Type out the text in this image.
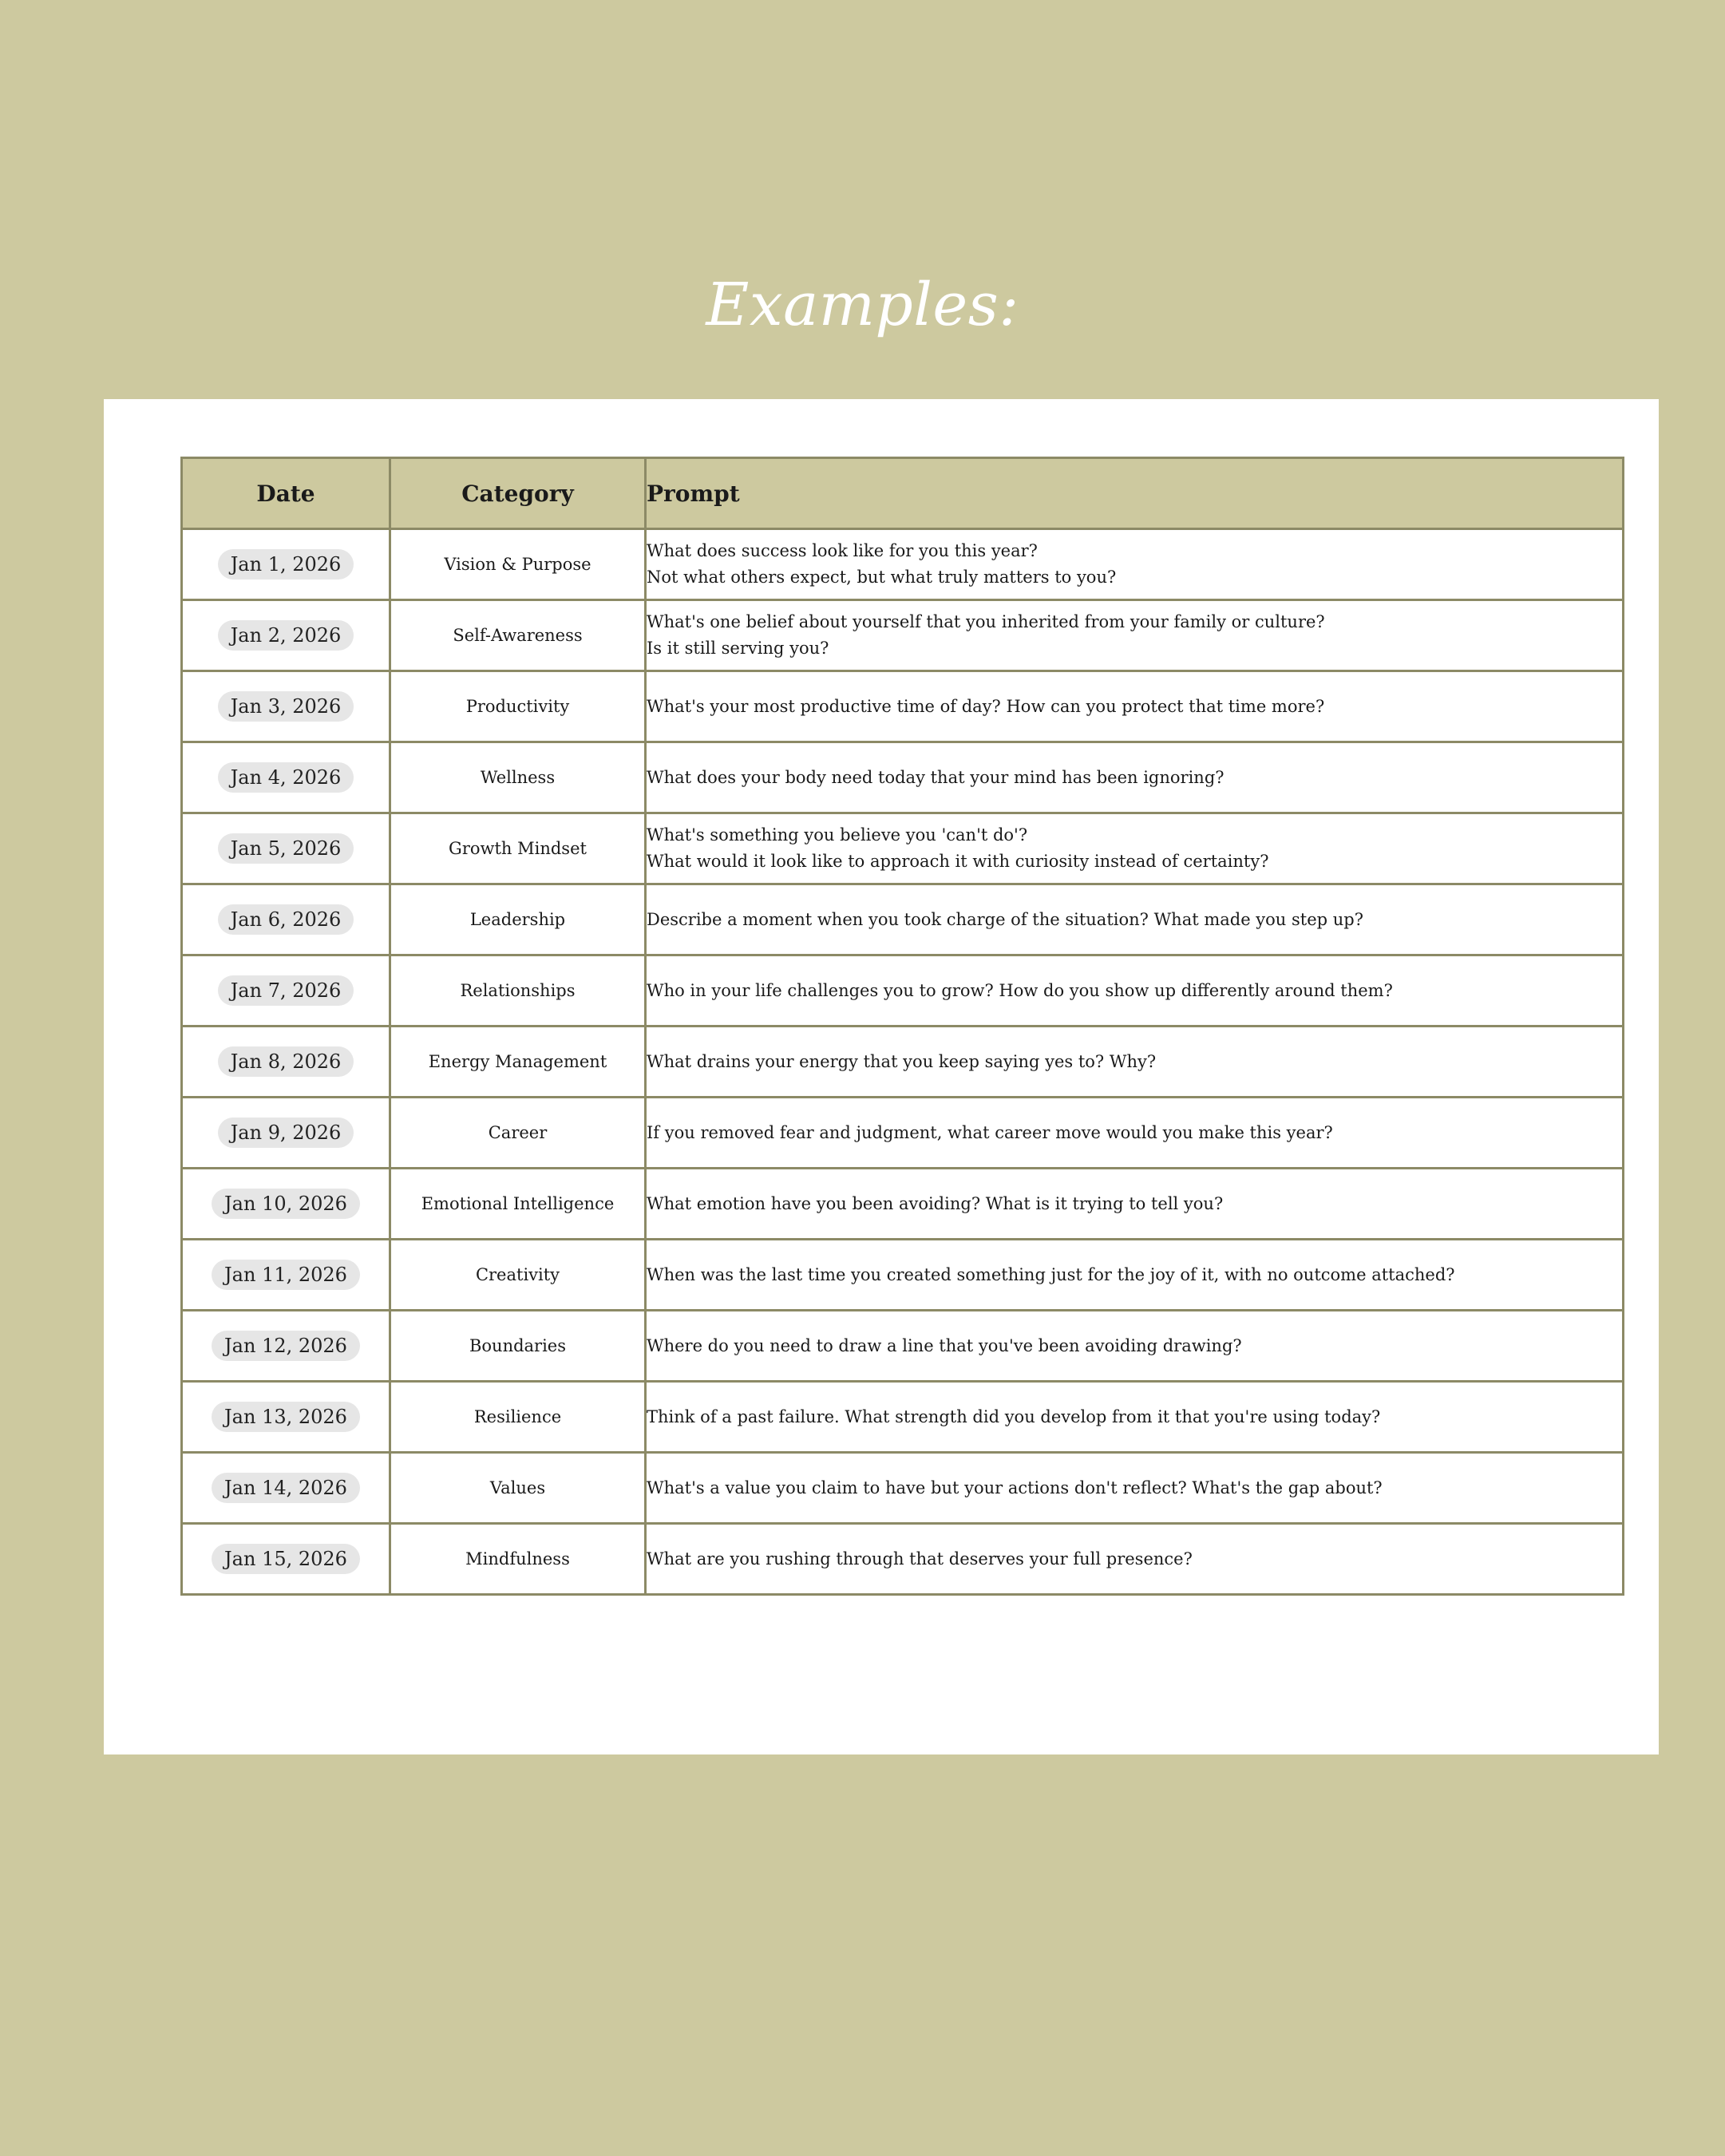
Examples:
Date	Category	Prompt
Jan 1, 2026	Vision & Purpose	What does success look like for you this year?
Not what others expect, but what truly matters to you?

Jan 2, 2026	Self-Awareness	What's one belief about yourself that you inherited from your family or culture?
Is it still serving you?

Jan 3, 2026	Productivity	What's your most productive time of day? How can you protect that time more?

Jan 4, 2026	Wellness	What does your body need today that your mind has been ignoring?

Jan 5, 2026	Growth Mindset	What's something you believe you 'can't do'?
What would it look like to approach it with curiosity instead of certainty?

Jan 6, 2026	Leadership	Describe a moment when you took charge of the situation? What made you step up?

Jan 7, 2026	Relationships	Who in your life challenges you to grow? How do you show up differently around them?

Jan 8, 2026	Energy Management	What drains your energy that you keep saying yes to? Why?

Jan 9, 2026	Career	If you removed fear and judgment, what career move would you make this year?

Jan 10, 2026	Emotional Intelligence	What emotion have you been avoiding? What is it trying to tell you?

Jan 11, 2026	Creativity	When was the last time you created something just for the joy of it, with no outcome attached?

Jan 12, 2026	Boundaries	Where do you need to draw a line that you've been avoiding drawing?

Jan 13, 2026	Resilience	Think of a past failure. What strength did you develop from it that you're using today?

Jan 14, 2026	Values	What's a value you claim to have but your actions don't reflect? What's the gap about?

Jan 15, 2026	Mindfulness	What are you rushing through that deserves your full presence?
